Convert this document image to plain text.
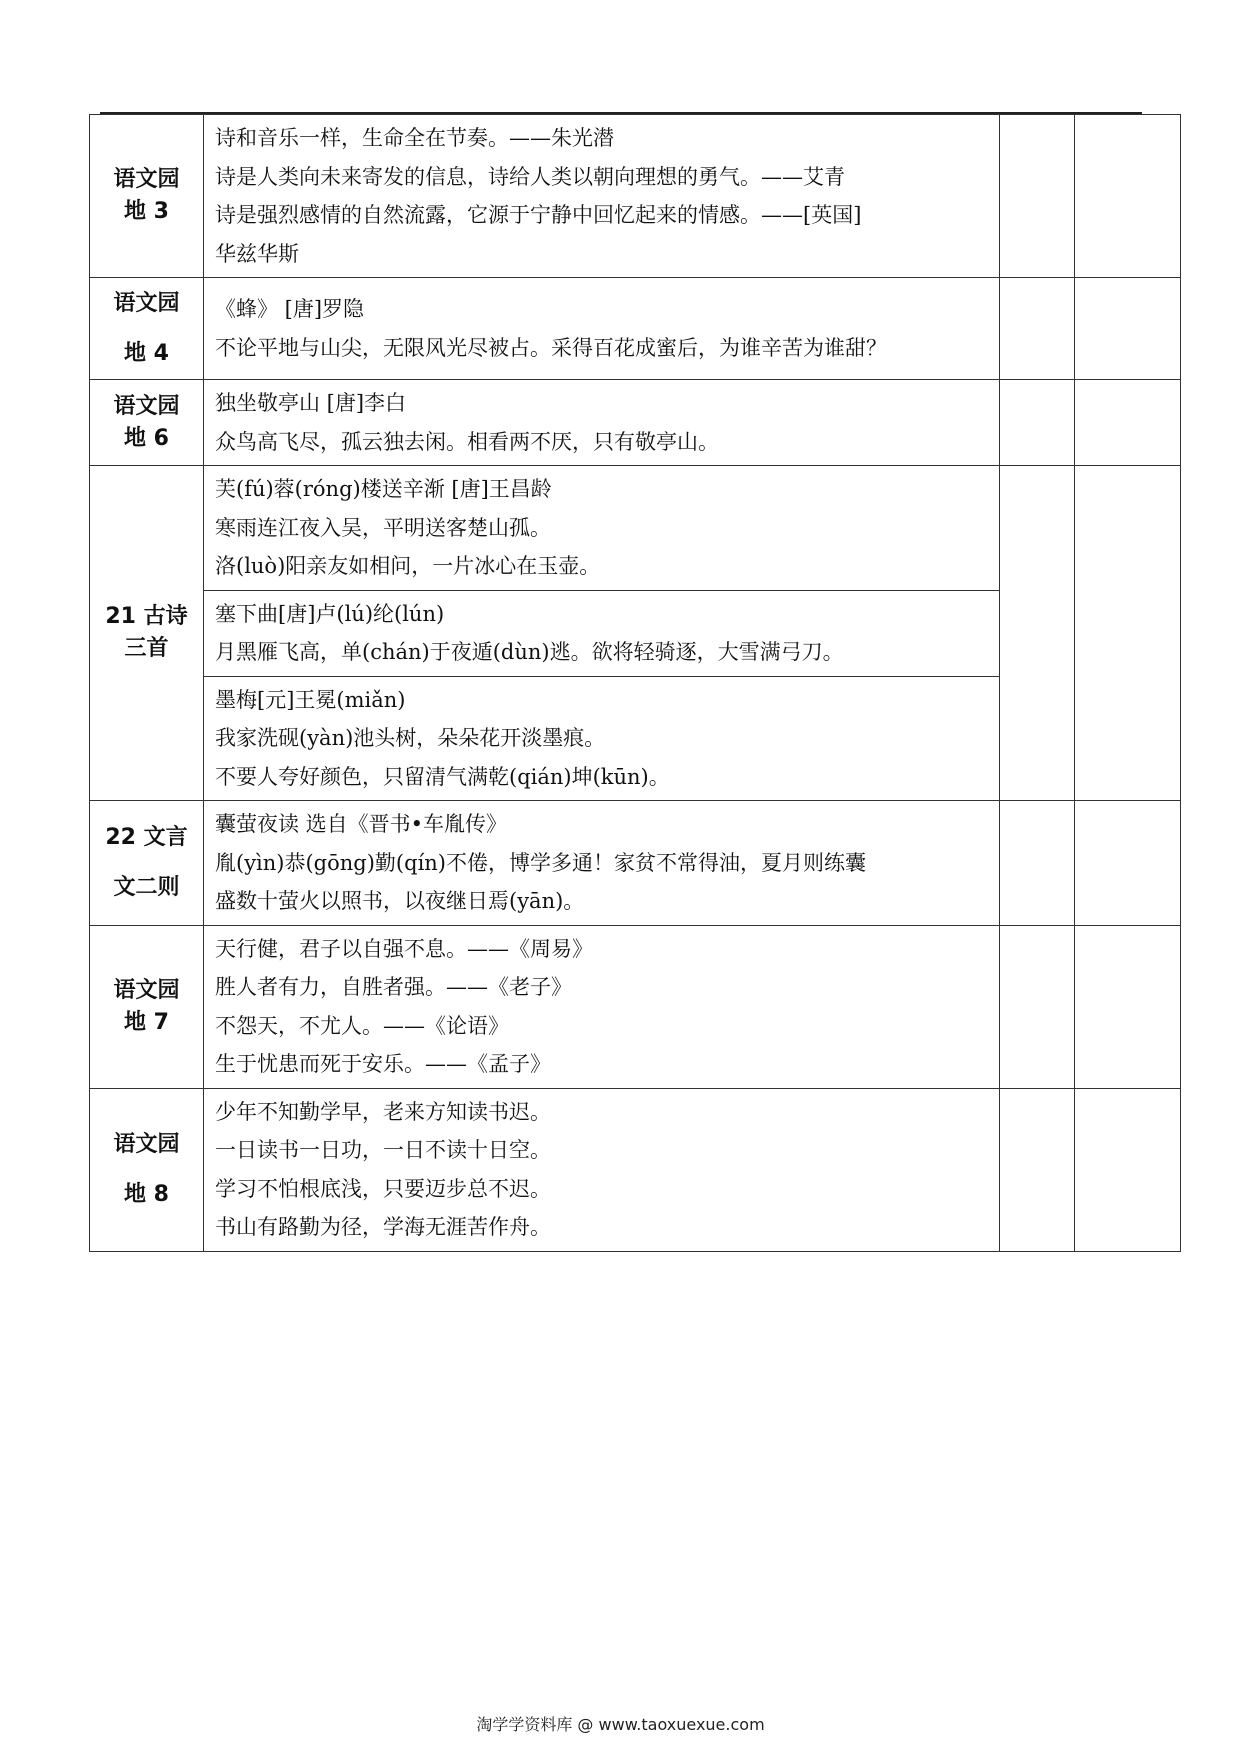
语文园
地 3	诗和音乐一样，生命全在节奏。——朱光潜
诗是人类向未来寄发的信息，诗给人类以朝向理想的勇气。——艾青
诗是强烈感情的自然流露，它源于宁静中回忆起来的情感。——[英国]
华兹华斯		

语文园
地 4	《蜂》 [唐]罗隐
不论平地与山尖，无限风光尽被占。采得百花成蜜后，为谁辛苦为谁甜？		

语文园
地 6	独坐敬亭山 [唐]李白
众鸟高飞尽，孤云独去闲。相看两不厌，只有敬亭山。		

21 古诗
三首	芙(fú)蓉(róng)楼送辛渐 [唐]王昌龄
寒雨连江夜入吴，平明送客楚山孤。
洛(luò)阳亲友如相问，一片冰心在玉壶。		

	塞下曲[唐]卢(lú)纶(lún)
月黑雁飞高，单(chán)于夜遁(dùn)逃。欲将轻骑逐，大雪满弓刀。		

	墨梅[元]王冕(miǎn)
我家洗砚(yàn)池头树，朵朵花开淡墨痕。
不要人夸好颜色，只留清气满乾(qián)坤(kūn)。		

22 文言
文二则	囊萤夜读 选自《晋书•车胤传》
胤(yìn)恭(gōng)勤(qín)不倦，博学多通！家贫不常得油，夏月则练囊
盛数十萤火以照书，以夜继日焉(yān)。		

语文园
地 7	天行健，君子以自强不息。——《周易》
胜人者有力，自胜者强。——《老子》
不怨天，不尤人。——《论语》
生于忧患而死于安乐。——《孟子》		

语文园
地 8	少年不知勤学早，老来方知读书迟。
一日读书一日功，一日不读十日空。
学习不怕根底浅，只要迈步总不迟。
书山有路勤为径，学海无涯苦作舟。		

淘学学资料库 @ www.taoxuexue.com
